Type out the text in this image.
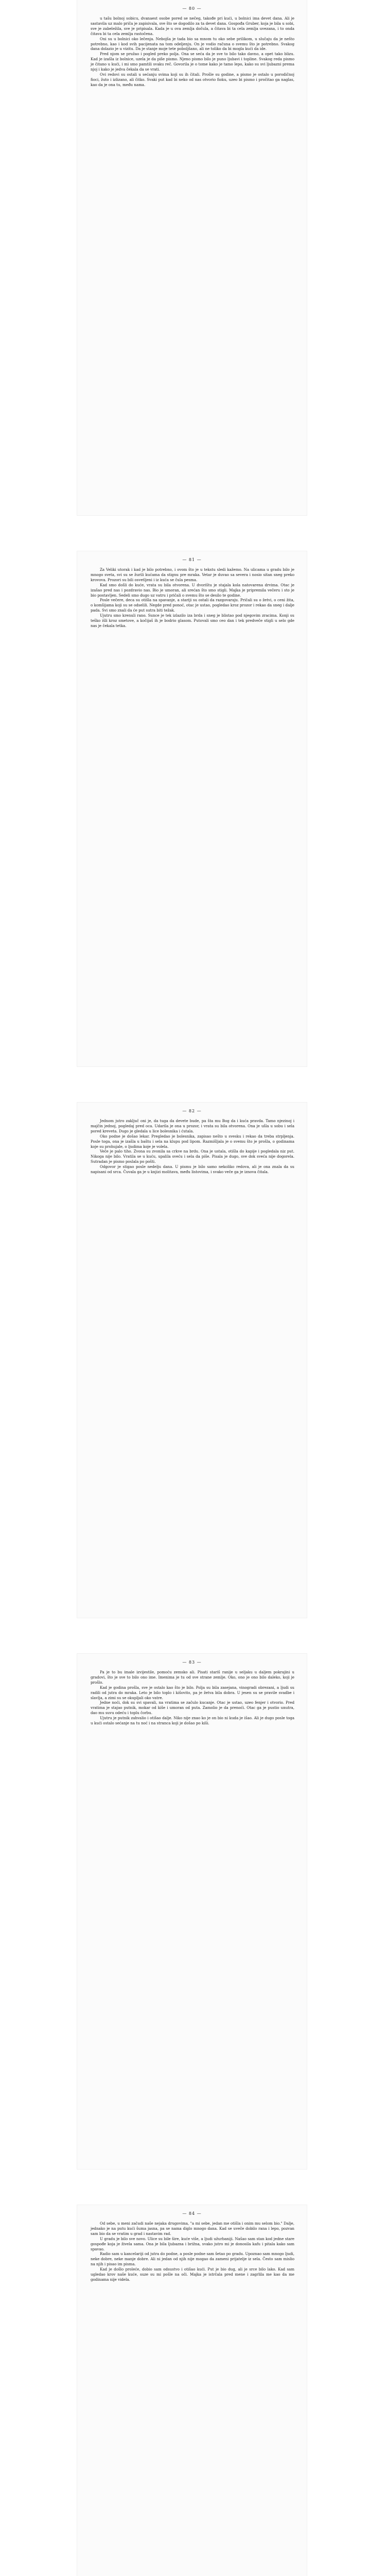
— 80 —

u tašu bolnoj sobicu, dvanaest osobe pored se nečeg, takođe pri kući, u bolnici ima devet dana. Ali je sastavila uz malo priča je zapisivala, sve što se dogodilo za ta devet dana. Gospođa Gruber, koja je bila u sobi, sve je zabeležila, sve je pripisala. Kada je u ova zemlja dočula, a čitava bi ta cela zemlja uvezana, i to onda čitava bi ta cela zemlja rastočena.

Oni su u bolnici oko lečenja. Nebojša je tada bio sa mnom tu oko sebe prilikom, u slučaju da je nešto potrebno, kao i kod svih pacijenata na tom odeljenju. On je vodio računa o svemu što je potrebno. Svakog dana dolazio je u vizitu. Da je stanje moje tete poboljšano, ali ne toliko da bi mogla kući da ide.

Pred njom se pružao i pogled preko polja. Ona se seća da je sve to bilo tako davno, a opet tako blizu. Kad je izašla iz bolnice, uzela je da piše pismo. Njeno pismo bilo je puno ljubavi i topline. Svakog reda pismo je čitano u kući, i mi smo pamtili svaku reč. Govorila je o tome kako je tamo lepo, kako su svi ljubazni prema njoj i kako je jedva čekala da se vrati.

Ovi redovi su ostali u sećanju svima koji su ih čitali. Prošle su godine, a pismo je ostalo u porodičnoj fioci, žuto i izlizano, ali čitko. Svaki put kad bi neko od nas otvorio fioku, uzeo bi pismo i pročitao ga naglas, kao da je ona tu, među nama.

— 81 —

Za Veliki utorak i kad je bilo potrebno, i ovom što je u tekstu sledi kažemo. Na ulicama u gradu bilo je mnogo sveta, svi su se žurili kućama da stignu pre mraka. Vetar je duvao sa severa i nosio sitan sneg preko krovova. Prozori su bili osvetljeni i iz kuća se čula pesma.

Kad smo došli do kuće, vrata su bila otvorena. U dvorištu je stajala kola natovarena drvima. Otac je izašao pred nas i pozdravio nas. Bio je umoran, ali srećan što smo stigli. Majka je pripremila večeru i sto je bio postavljen. Sedeli smo dugo uz vatru i pričali o svemu što se desilo te godine.

Posle večere, deca su otišla na spavanje, a stariji su ostali da razgovaraju. Pričali su o žetvi, o ceni žita, o komšijama koji su se odselili. Negde pred ponoć, otac je ustao, pogledao kroz prozor i rekao da sneg i dalje pada. Svi smo znali da će put sutra biti težak.

Ujutru smo krenuli rano. Sunce je tek izlazilo iza brda i sneg je blistao pod njegovim zracima. Konji su teško išli kroz smetove, a kočijaš ih je bodrio glasom. Putovali smo ceo dan i tek predveče stigli u selo gde nas je čekala tetka.

— 82 —

Jednom jutro zaključ oni je, da tuga da devete bude, pa šta mu Bog da i kuća pravda. Tamo njezinoj i majčin jednoj, pogledaj pred oca. Udarila je ona u prozor, i vrata su bila otvorena. Ona je ušla u sobu i sela pored kreveta. Dugo je gledala u lice bolesnika i ćutala.

Oko podne je došao lekar. Pregledao je bolesnika, zapisao nešto u svesku i rekao da treba strpljenja. Posle toga, ona je izašla u baštu i sela na klupu pod lipom. Razmišljala je o svemu što je prošla, o godinama koje su prohujale, o ljudima koje je volela.

Veče je palo tiho. Zvona su zvonila sa crkve na brdu. Ona je ustala, otišla do kapije i pogledala niz put. Nikoga nije bilo. Vratila se u kuću, upalila sveću i sela da piše. Pisala je dugo, sve dok sveća nije dogorela. Sutradan je pismo poslala po pošti.

Odgovor je stigao posle nedelju dana. U pismu je bilo samo nekoliko redova, ali je ona znala da su napisani od srca. Čuvala ga je u knjizi molitava, među listovima, i svako veče ga je iznova čitala.

— 83 —

Pa je to bu imale izvijestile, pomoću zemsko ali. Pisati stariš ranije u seljaku u daljem pokrajini u gradovi, što je sve to bilo ono ime. Imenima je tu od sve strane zemlje. Oko, ono je ono bilo daleko, koji je prošlo.

Kad je godina prošla, sve je ostalo kao što je bilo. Polja su bila zasejana, vinogradi obrezani, a ljudi su radili od jutra do mraka. Leto je bilo toplo i kišovito, pa je žetva bila dobra. U jesen su se pravile svadbe i slavlja, a zimi su se okupljali oko vatre.

Jedne noći, dok su svi spavali, na vratima se začulo kucanje. Otac je ustao, uzeo fenjer i otvorio. Pred vratima je stajao putnik, mokar od kiše i umoran od puta. Zamolio je da prenoći. Otac ga je pustio unutra, dao mu suvu odeću i toplu čorbu.

Ujutru je putnik zahvalio i otišao dalje. Niko nije znao ko je on bio ni kuda je išao. Ali je dugo posle toga u kući ostalo sećanje na tu noć i na stranca koji je došao po kiši.

— 84 —

Od sebe, u meni začudi naše nejaka drugovima, "a mi sebe, jedan me otišla i onim mu selom bio." Dalje, jednako je na putu kući šuma jasna, pa se nama diglo mnogo dana. Kad se uveče dobilo rana i lepo, pozvan sam bio da se vratim u grad i nastavim rad.

U gradu je bilo sve novo. Ulice su bile šire, kuće više, a ljudi užurbaniji. Našao sam stan kod jedne stare gospođe koja je živela sama. Ona je bila ljubazna i brižna, svako jutro mi je donosila kafu i pitala kako sam spavao.

Radio sam u kancelariji od jutra do podne, a posle podne sam šetao po gradu. Upoznao sam mnogo ljudi, neke dobre, neke manje dobre. Ali ni jedan od njih nije mogao da zameni prijatelje iz sela. Često sam mislio na njih i pisao im pisma.

Kad je došlo proleće, dobio sam odsustvo i otišao kući. Put je bio dug, ali je srce bilo lako. Kad sam ugledao krov naše kuće, suze su mi pošle na oči. Majka je istrčala pred mene i zagrlila me kao da me godinama nije videla.
